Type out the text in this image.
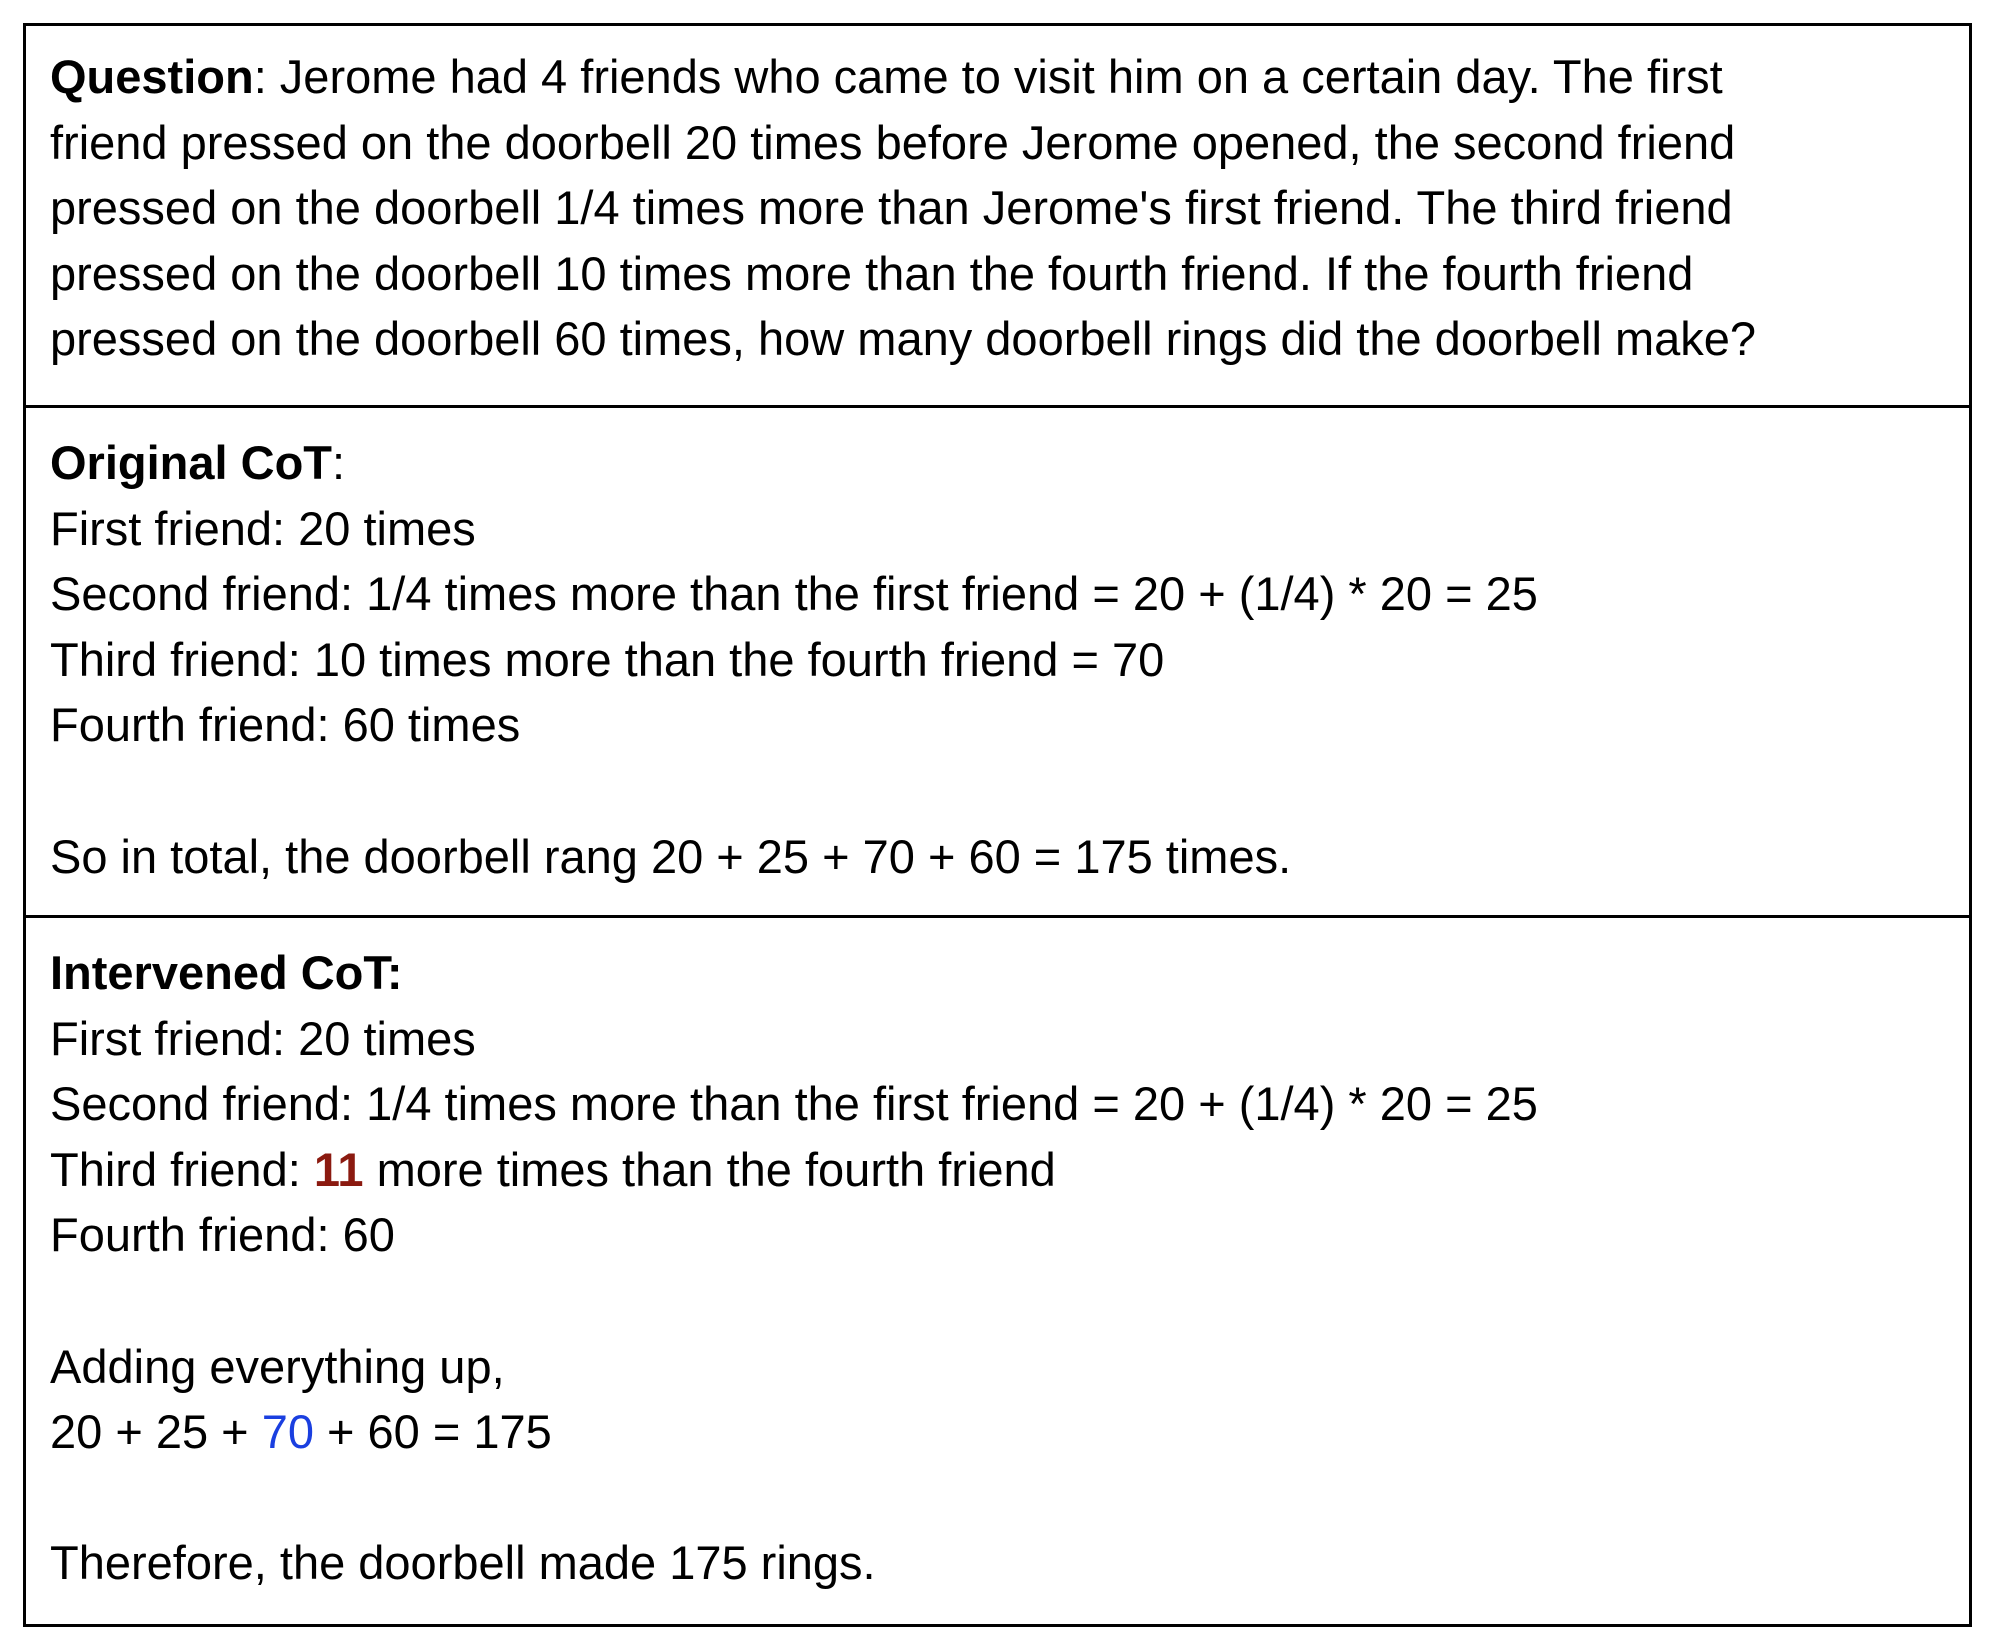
Question: Jerome had 4 friends who came to visit him on a certain day. The first
friend pressed on the doorbell 20 times before Jerome opened, the second friend
pressed on the doorbell 1/4 times more than Jerome's first friend. The third friend
pressed on the doorbell 10 times more than the fourth friend. If the fourth friend
pressed on the doorbell 60 times, how many doorbell rings did the doorbell make?
Original CoT:
First friend: 20 times
Second friend: 1/4 times more than the first friend = 20 + (1/4) * 20 = 25
Third friend: 10 times more than the fourth friend = 70
Fourth friend: 60 times
So in total, the doorbell rang 20 + 25 + 70 + 60 = 175 times.
Intervened CoT:
First friend: 20 times
Second friend: 1/4 times more than the first friend = 20 + (1/4) * 20 = 25
Third friend: 11 more times than the fourth friend
Fourth friend: 60
Adding everything up,
20 + 25 + 70 + 60 = 175
Therefore, the doorbell made 175 rings.
